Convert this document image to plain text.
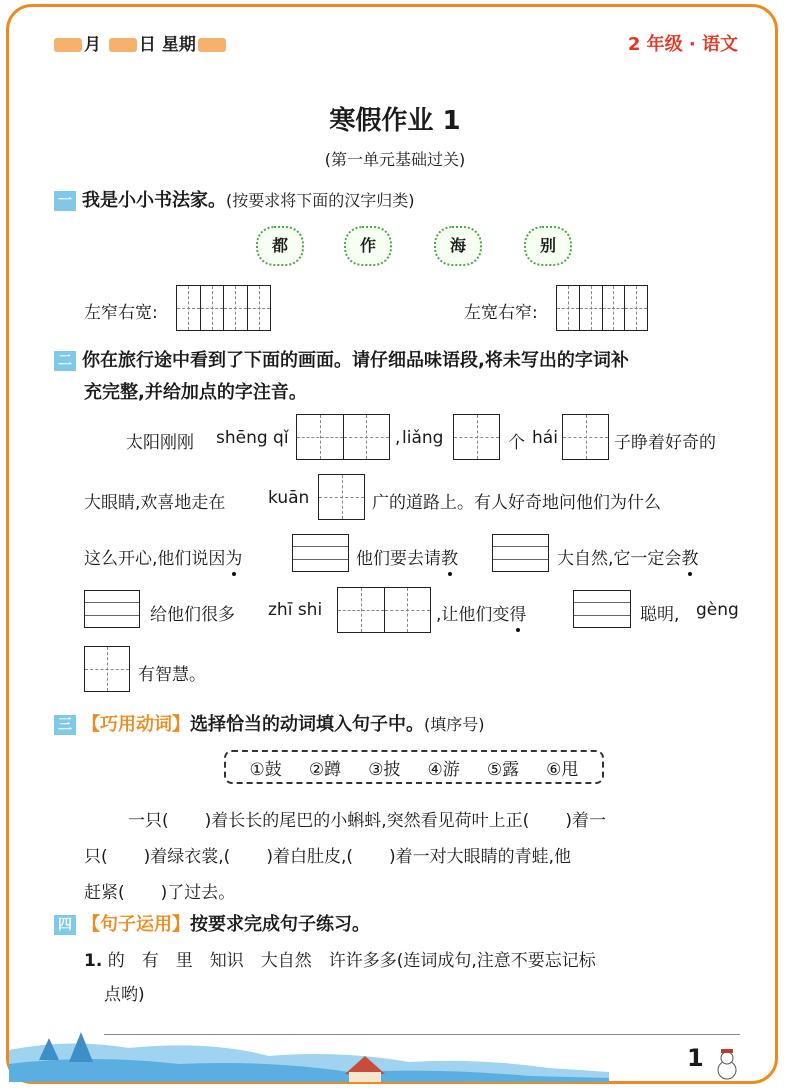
月 日 星期	2 年级 · 语文
寒假作业 1
(第一单元基础过关)
一 我是小小书法家。(按要求将下面的汉字归类)
都	作	海	别
左窄右宽:	左宽右窄:
二 你在旅行途中看到了下面的画面。请仔细品味语段,将未写出的字词补
充完整,并给加点的字注音。
太阳刚刚 shēng qǐ	, liǎng	个 hái	子睁着好奇的
大眼睛,欢喜地走在	kuān	广的道路上。有人好奇地问他们为什么
这么开心,他们说因为	他们要去请教	大自然,它一定会教
给他们很多 zhī shi	,让他们变得	聪明, gèng
有智慧。
三 【巧用动词】选择恰当的动词填入句子中。(填序号)
①鼓 ②蹲 ③披 ④游 ⑤露 ⑥甩
一只( )着长长的尾巴的小蝌蚪,突然看见荷叶上正( )着一
只( )着绿衣裳,( )着白肚皮,( )着一对大眼睛的青蛙,他
赶紧( )了过去。
四 【句子运用】按要求完成句子练习。
1. 的　有　里　知识　大自然　许许多多(连词成句,注意不要忘记标
点哟)
1
